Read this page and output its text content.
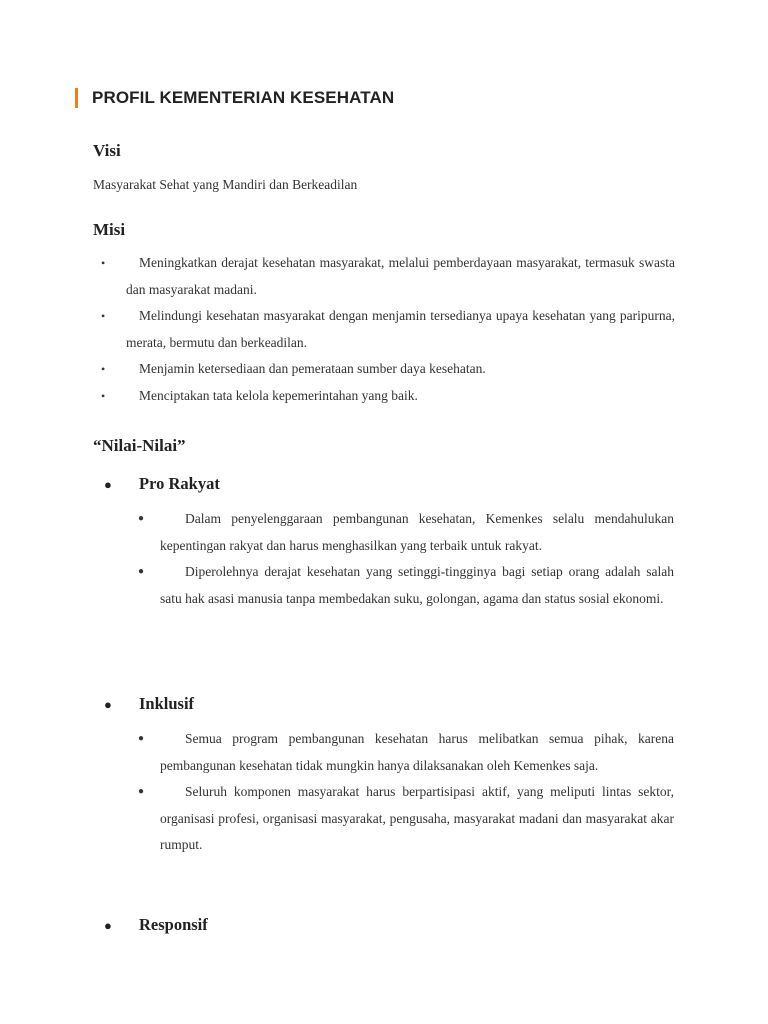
PROFIL KEMENTERIAN KESEHATAN
Visi
Masyarakat Sehat yang Mandiri dan Berkeadilan
Misi
•	Meningkatkan derajat kesehatan masyarakat, melalui pemberdayaan masyarakat, termasuk swasta dan masyarakat madani.
•	Melindungi kesehatan masyarakat dengan menjamin tersedianya upaya kesehatan yang paripurna, merata, bermutu dan berkeadilan.
•	Menjamin ketersediaan dan pemerataan sumber daya kesehatan.
•	Menciptakan tata kelola kepemerintahan yang baik.
“Nilai-Nilai”
● Pro Rakyat
●	Dalam penyelenggaraan pembangunan kesehatan, Kemenkes selalu mendahulukan kepentingan rakyat dan harus menghasilkan yang terbaik untuk rakyat.
●	Diperolehnya derajat kesehatan yang setinggi-tingginya bagi setiap orang adalah salah satu hak asasi manusia tanpa membedakan suku, golongan, agama dan status sosial ekonomi.
● Inklusif
●	Semua program pembangunan kesehatan harus melibatkan semua pihak, karena pembangunan kesehatan tidak mungkin hanya dilaksanakan oleh Kemenkes saja.
●	Seluruh komponen masyarakat harus berpartisipasi aktif, yang meliputi lintas sektor, organisasi profesi, organisasi masyarakat, pengusaha, masyarakat madani dan masyarakat akar rumput.
● Responsif
